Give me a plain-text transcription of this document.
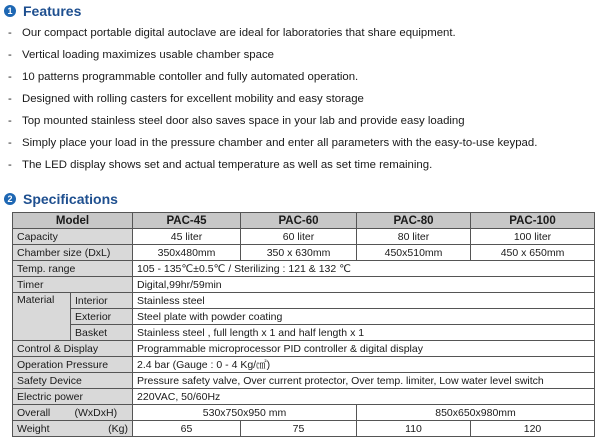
1 Features
- Our compact portable digital autoclave are ideal for laboratories that share equipment.
- Vertical loading maximizes usable chamber space
- 10 patterns programmable contoller and fully automated operation.
- Designed with rolling casters for excellent mobility and easy storage
- Top mounted stainless steel door also saves space in your lab and provide easy loading
- Simply place your load in the pressure chamber and enter all parameters with the easy-to-use keypad.
- The LED display shows set and actual temperature as well as set time remaining.
2 Specifications
Model		PAC-45	PAC-60	PAC-80	PAC-100
Capacity		45 liter	60 liter	80 liter	100 liter
Chamber size (DxL)		350x480mm	350 x 630mm	450x510mm	450 x 650mm
Temp. range		105 - 135℃±0.5℃ / Sterilizing : 121 & 132 ℃			
Timer		Digital,99hr/59min			
Material	Interior	Stainless steel			
	Exterior	Steel plate with powder coating			
	Basket	Stainless steel , full length x 1 and half length x 1			
Control & Display		Programmable microprocessor PID controller & digital display			
Operation Pressure		2.4 bar (Gauge : 0 - 4 Kg/㎠)			
Safety Device		Pressure safety valve, Over current protector, Over temp. limiter, Low water level switch			
Electric power		220VAC, 50/60Hz			
Overall	(WxDxH)	530x750x950 mm		850x650x980mm	
Weight	(Kg)	65	75	110	120
